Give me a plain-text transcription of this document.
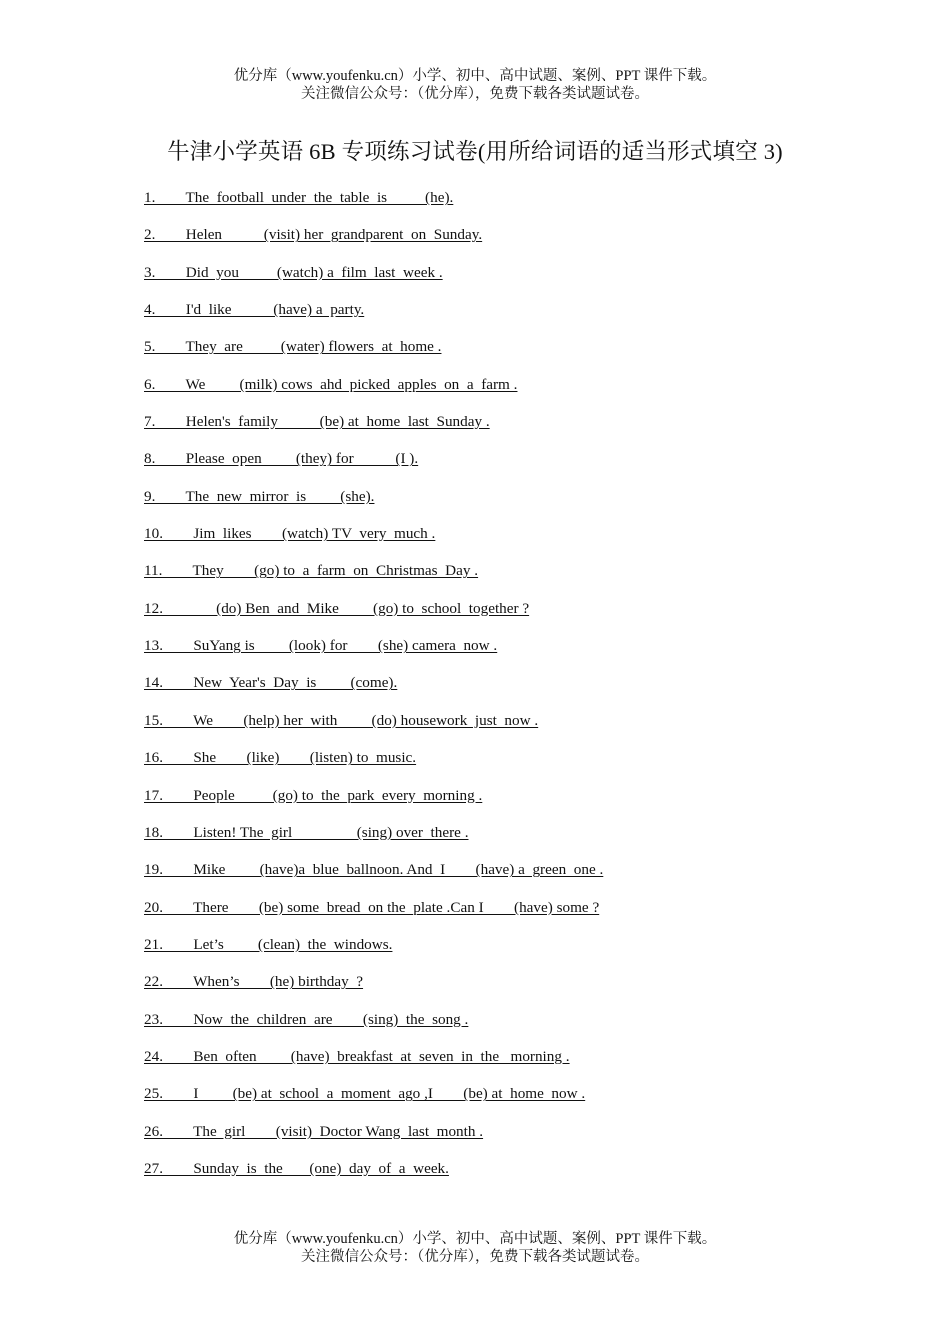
优分库（www.youfenku.cn）小学、初中、高中试题、案例、PPT 课件下载。
关注微信公众号：（优分库），免费下载各类试题试卷。
牛津小学英语 6B 专项练习试卷(用所给词语的适当形式填空 3)
1.        The  football  under  the  table  is          (he).
2.        Helen           (visit) her  grandparent  on  Sunday.
3.        Did  you          (watch) a  film  last  week .
4.        I'd  like           (have) a  party.
5.        They  are          (water) flowers  at  home .
6.        We         (milk) cows  ahd  picked  apples  on  a  farm .
7.        Helen's  family           (be) at  home  last  Sunday .
8.        Please  open         (they) for           (I ).
9.        The  new  mirror  is         (she).
10.        Jim  likes        (watch) TV  very  much .
11.        They        (go) to  a  farm  on  Christmas  Day .
12.              (do) Ben  and  Mike         (go) to  school  together ?
13.        SuYang is         (look) for        (she) camera  now .
14.        New  Year's  Day  is         (come).
15.        We        (help) her  with         (do) housework  just  now .
16.        She        (like)        (listen) to  music.
17.        People          (go) to  the  park  every  morning .
18.        Listen! The  girl                 (sing) over  there .
19.        Mike         (have)a  blue  ballnoon. And  I        (have) a  green  one .
20.        There        (be) some  bread  on the  plate .Can I        (have) some ?
21.        Let’s         (clean)  the  windows.
22.        When’s        (he) birthday  ?
23.        Now  the  children  are        (sing)  the  song .
24.        Ben  often         (have)  breakfast  at  seven  in  the   morning .
25.        I         (be) at  school  a  moment  ago ,I        (be) at  home  now .
26.        The  girl        (visit)  Doctor Wang  last  month .
27.        Sunday  is  the       (one)  day  of  a  week.
优分库（www.youfenku.cn）小学、初中、高中试题、案例、PPT 课件下载。
关注微信公众号：（优分库），免费下载各类试题试卷。
